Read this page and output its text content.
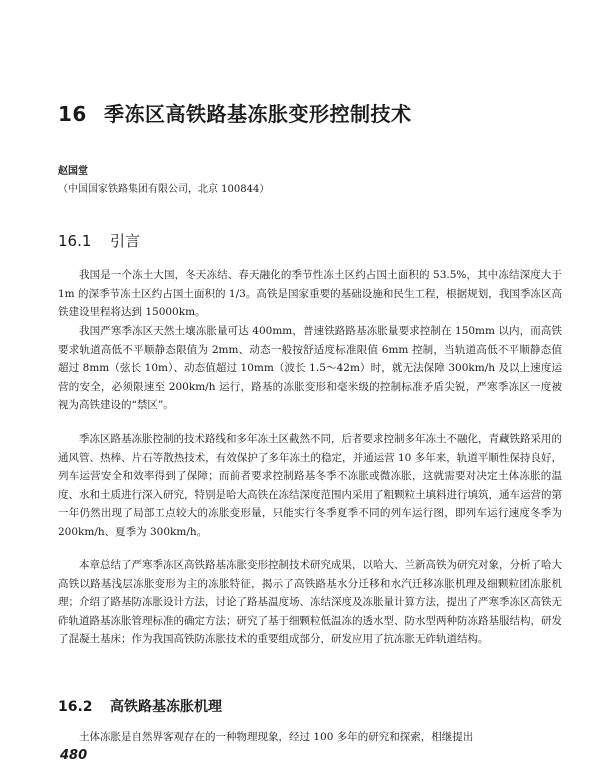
16 季冻区高铁路基冻胀变形控制技术
赵国堂
（中国国家铁路集团有限公司，北京 100844）
16.1 引言

我国是一个冻土大国，冬天冻结、春天融化的季节性冻土区约占国土面积的 53.5%，其中冻结深度大于 1m 的深季节冻土区约占国土面积的 1/3。高铁是国家重要的基础设施和民生工程，根据规划，我国季冻区高铁建设里程将达到 15000km。

我国严寒季冻区天然土壤冻胀量可达 400mm，普速铁路路基冻胀量要求控制在 150mm 以内，而高铁要求轨道高低不平顺静态限值为 2mm、动态一般按舒适度标准限值 6mm 控制，当轨道高低不平顺静态值超过 8mm（弦长 10m）、动态值超过 10mm（波长 1.5～42m）时，就无法保障 300km/h 及以上速度运营的安全，必须限速至 200km/h 运行，路基的冻胀变形和毫米级的控制标准矛盾尖锐，严寒季冻区一度被视为高铁建设的“禁区”。

季冻区路基冻胀控制的技术路线和多年冻土区截然不同，后者要求控制多年冻土不融化，青藏铁路采用的通风管、热棒、片石等散热技术，有效保护了多年冻土的稳定，并通运营 10 多年来，轨道平顺性保持良好，列车运营安全和效率得到了保障；而前者要求控制路基冬季不冻胀或微冻胀，这就需要对决定土体冻胀的温度、水和土质进行深入研究，特别是哈大高铁在冻结深度范围内采用了粗颗粒土填料进行填筑，通车运营的第一年仍然出现了局部工点较大的冻胀变形量，只能实行冬季夏季不同的列车运行图，即列车运行速度冬季为 200km/h、夏季为 300km/h。

本章总结了严寒季冻区高铁路基冻胀变形控制技术研究成果，以哈大、兰新高铁为研究对象，分析了哈大高铁以路基浅层冻胀变形为主的冻胀特征，揭示了高铁路基水分迁移和水汽迁移冻胀机理及细颗粒团冻胀机理；介绍了路基防冻胀设计方法，讨论了路基温度场、冻结深度及冻胀量计算方法，提出了严寒季冻区高铁无砟轨道路基冻胀管理标准的确定方法；研究了基于细颗粒低温冻的透水型、防水型两种防冻路基服结构，研发了混凝土基床；作为我国高铁防冻胀技术的重要组成部分，研发应用了抗冻胀无砟轨道结构。

16.2 高铁路基冻胀机理

土体冻胀是自然界客观存在的一种物理现象，经过 100 多年的研究和探索，相继提出

480
